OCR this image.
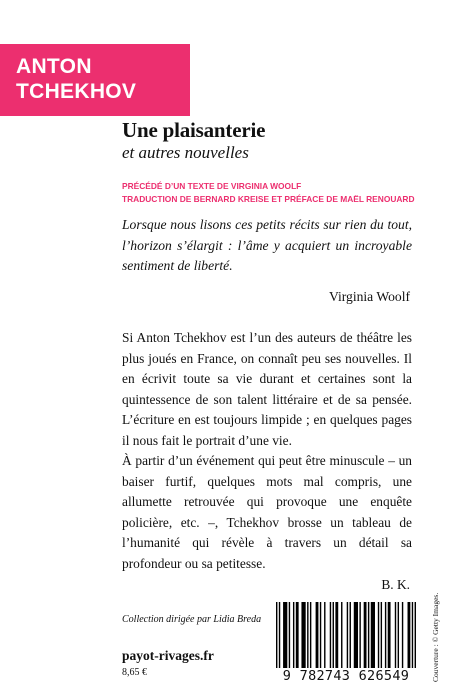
ANTON
TCHEKHOV
Une plaisanterie
et autres nouvelles
PRÉCÉDÉ D’UN TEXTE DE VIRGINIA WOOLF
TRADUCTION DE BERNARD KREISE ET PRÉFACE DE MAËL RENOUARD
Lorsque nous lisons ces petits récits sur rien du tout, l’horizon s’élargit : l’âme y acquiert un incroyable sentiment de liberté.
Virginia Woolf

Si Anton Tchekhov est l’un des auteurs de théâtre les plus joués en France, on connaît peu ses nouvelles. Il en écrivit toute sa vie durant et certaines sont la quintessence de son talent littéraire et de sa pensée. L’écriture en est toujours limpide ; en quelques pages il nous fait le portrait d’une vie.

À partir d’un événement qui peut être minuscule – un baiser furtif, quelques mots mal compris, une allumette retrouvée qui provoque une enquête policière, etc. –, Tchekhov brosse un tableau de l’humanité qui révèle à travers un détail sa profondeur ou sa petitesse.

B. K.
Collection dirigée par Lidia Breda
payot-rivages.fr
8,65 €	9 782743 626549	Couverture : © Getty Images.
